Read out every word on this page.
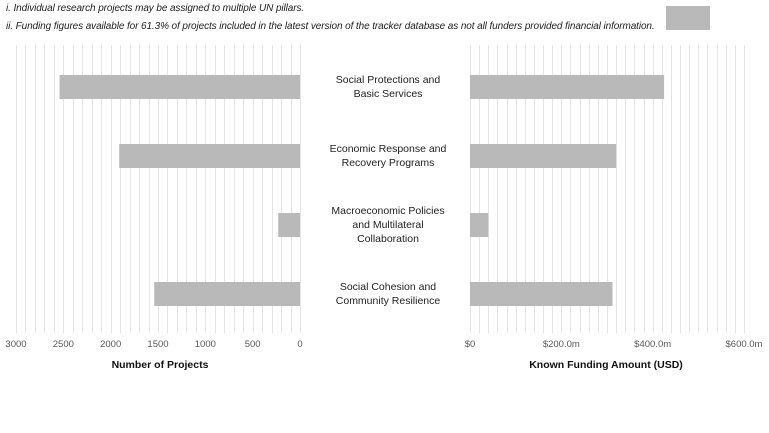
i. Individual research projects may be assigned to multiple UN pillars.
ii. Funding figures available for 61.3% of projects included in the latest version of the tracker database as not all funders provided financial information.
3000	2500	2000	1500	1000	500	0	$0	$200.0m	$400.0m	$600.0m
Number of Projects	Known Funding Amount (USD)
Social Protections and
Basic Services
Economic Response and
Recovery Programs
Macroeconomic Policies
and Multilateral
Collaboration
Social Cohesion and
Community Resilience
